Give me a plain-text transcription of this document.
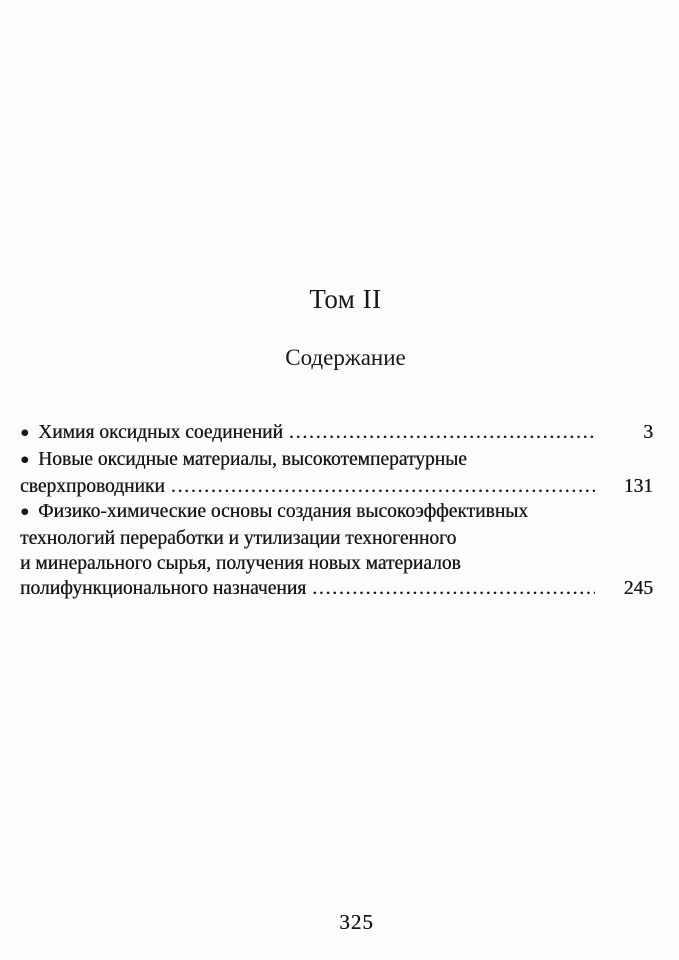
Том II
Содержание
● Химия оксидных соединений .....	3
● Новые оксидные материалы, высокотемпературные
сверхпроводники .....	131
● Физико-химические основы создания высокоэффективных
технологий переработки и утилизации техногенного
и минерального сырья, получения новых материалов
полифункционального назначения .....	245
325
